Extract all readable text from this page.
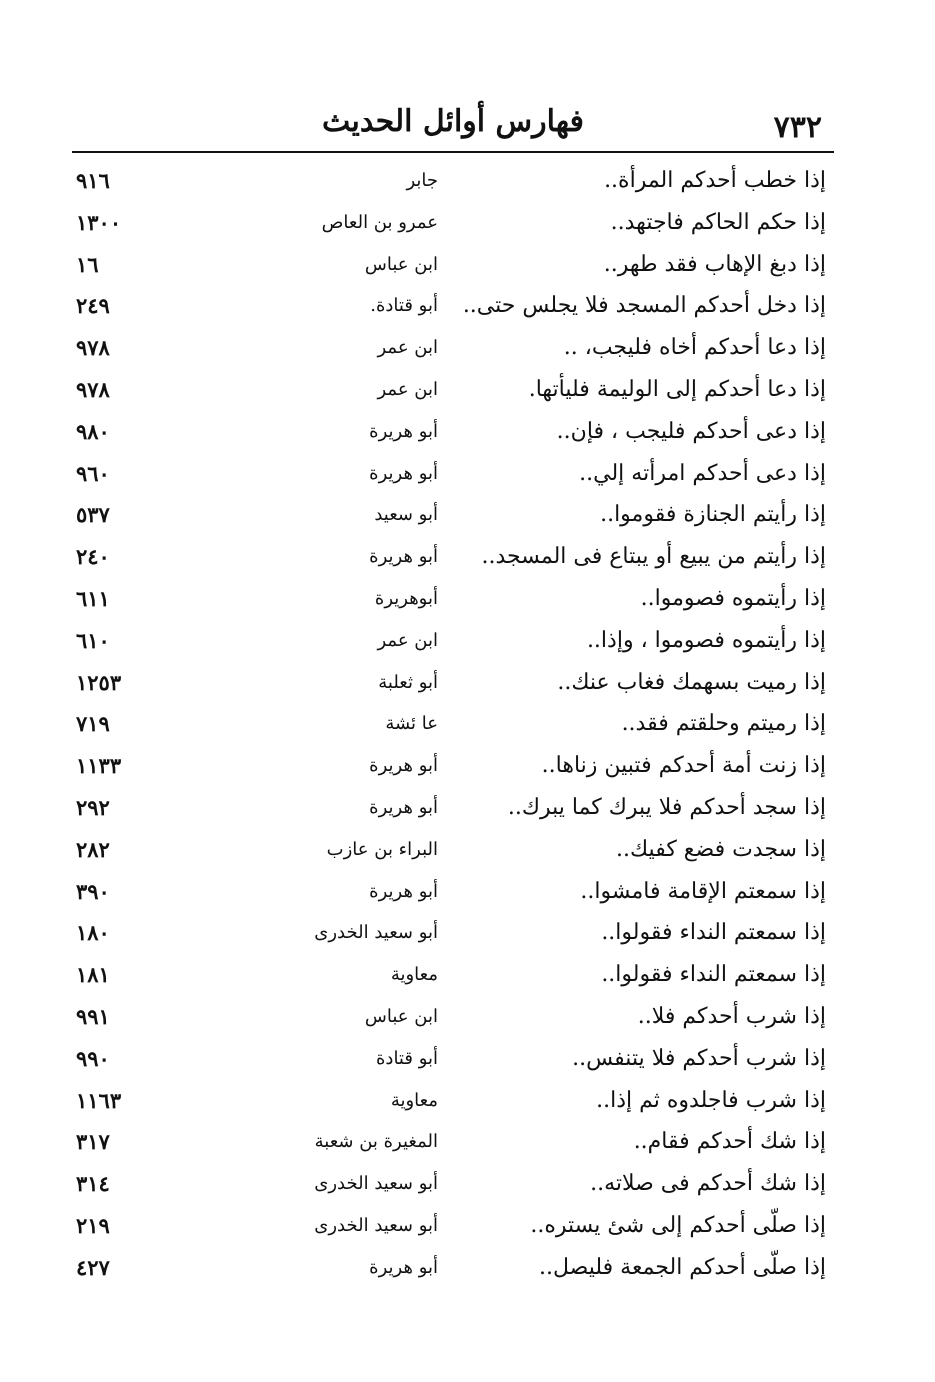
فهارس أوائل الحديث	٧٣٢
إذا خطب أحدكم المرأة..
جابر
٩١٦
إذا حكم الحاكم فاجتهد..
عمرو بن العاص
١٣٠٠
إذا دبغ الإهاب فقد طهر..
ابن عباس
١٦
إذا دخل أحدكم المسجد فلا يجلس حتى..
أبو قتادة.
٢٤٩
إذا دعا أحدكم أخاه فليجب، ..
ابن عمر
٩٧٨
إذا دعا أحدكم إلى الوليمة فليأتها.
ابن عمر
٩٧٨
إذا دعى أحدكم فليجب ، فإن..
أبو هريرة
٩٨٠
إذا دعى أحدكم امرأته إلي..
أبو هريرة
٩٦٠
إذا رأيتم الجنازة فقوموا..
أبو سعيد
٥٣٧
إذا رأيتم من يبيع أو يبتاع فى المسجد..
أبو هريرة
٢٤٠
إذا رأيتموه فصوموا..
أبوهريرة
٦١١
إذا رأيتموه فصوموا ، وإذا..
ابن عمر
٦١٠
إذا رميت بسهمك فغاب عنك..
أبو ثعلبة
١٢٥٣
إذا رميتم وحلقتم فقد..
عا ئشة
٧١٩
إذا زنت أمة أحدكم فتبين زناها..
أبو هريرة
١١٣٣
إذا سجد أحدكم فلا يبرك كما يبرك..
أبو هريرة
٢٩٢
إذا سجدت فضع كفيك..
البراء بن عازب
٢٨٢
إذا سمعتم الإقامة فامشوا..
أبو هريرة
٣٩٠
إذا سمعتم النداء فقولوا..
أبو سعيد الخدرى
١٨٠
إذا سمعتم النداء فقولوا..
معاوية
١٨١
إذا شرب أحدكم فلا..
ابن عباس
٩٩١
إذا شرب أحدكم فلا يتنفس..
أبو قتادة
٩٩٠
إذا شرب فاجلدوه ثم إذا..
معاوية
١١٦٣
إذا شك أحدكم فقام..
المغيرة بن شعبة
٣١٧
إذا شك أحدكم فى صلاته..
أبو سعيد الخدرى
٣١٤
إذا صلّى أحدكم إلى شئ يستره..
أبو سعيد الخدرى
٢١٩
إذا صلّى أحدكم الجمعة فليصل..
أبو هريرة
٤٢٧
